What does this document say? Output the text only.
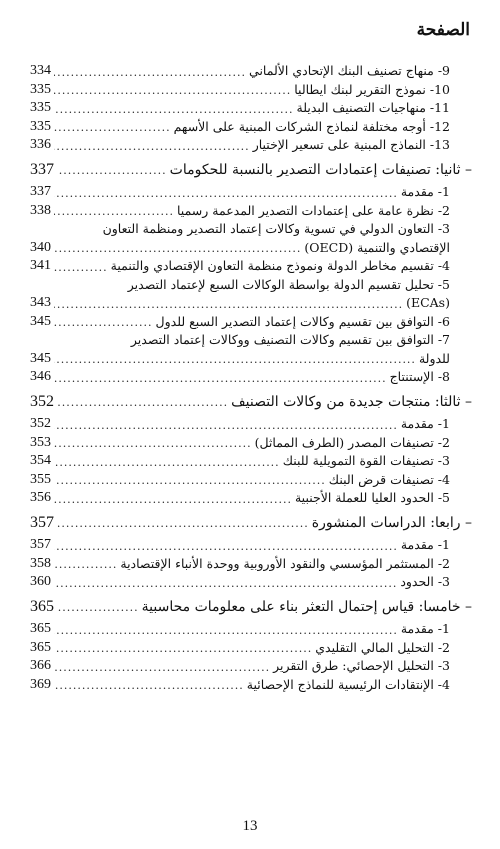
الصفحة
9- منهاج تصنيف البنك الإتحادي الألماني
.....
334
10- نموذج التقرير لبنك ايطاليا
.....
335
11- منهاجيات التصنيف البديلة
.....
335
12- أوجه مختلفة لنماذج الشركات المبنية على الأسهم
.....
335
13- النماذج المبنية على تسعير الإختيار
.....
336
– ثانيا: تصنيفات إعتمادات التصدير بالنسبة للحكومات
.....
337
1- مقدمة
.....
337
2- نظرة عامة على إعتمادات التصدير المدعمة رسميا
.....
338
3- التعاون الدولي في تسوية وكالات إعتماد التصدير ومنظمة التعاون
الإقتصادي والتنمية (OECD)
.....
340
4- تقسيم مخاطر الدولة ونموذج منظمة التعاون الإقتصادي والتنمية
.....
341
5- تحليل تقسيم الدولة بواسطة الوكالات السبع لإعتماد التصدير
(ECAs)
.....
343
6- التوافق بين تقسيم وكالات إعتماد التصدير السبع للدول
.....
345
7- التوافق بين تقسيم وكالات التصنيف ووكالات إعتماد التصدير
للدولة
.....
345
8- الإستنتاج
.....
346
– ثالثا: منتجات جديدة من وكالات التصنيف
.....
352
1- مقدمة
.....
352
2- تصنيفات المصدر (الطرف المماثل)
.....
353
3- تصنيفات القوة التمويلية للبنك
.....
354
4- تصنيفات قرض البنك
.....
355
5- الحدود العليا للعملة الأجنبية
.....
356
– رابعا: الدراسات المنشورة
.....
357
1- مقدمة
.....
357
2- المستثمر المؤسسي والنقود الأوروبية ووحدة الأنباء الإقتصادية
.....
358
3- الحدود
.....
360
– خامسا: قياس إحتمال التعثر بناء على معلومات محاسبية
.....
365
1- مقدمة
.....
365
2- التحليل المالي التقليدي
.....
365
3- التحليل الإحصائي: طرق التقرير
.....
366
4- الإنتقادات الرئيسية للنماذج الإحصائية
.....
369
13
